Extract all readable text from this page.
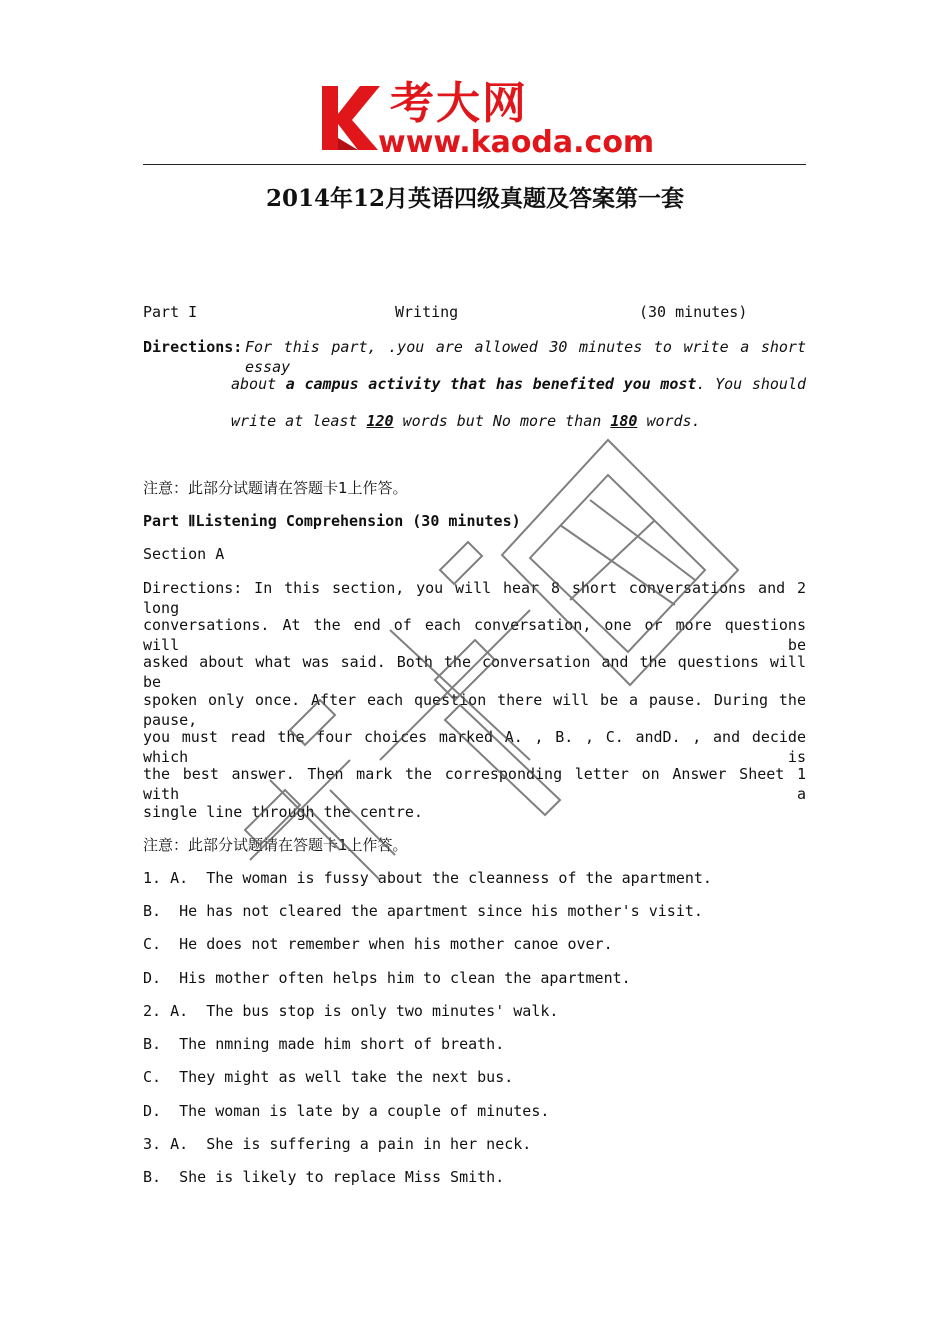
考大网
www.kaoda.com
2014年12月英语四级真题及答案第一套
Part I	Writing	(30 minutes)
Directions: For this part, .you are allowed 30 minutes to write a short essay
about a campus activity that has benefited you most. You should
write at least 120 words but No more than 180 words.
注意：此部分试题请在答题卡1上作答。
Part ⅡListening Comprehension (30 minutes)
Section A
Directions: In this section, you will hear 8 short conversations and 2 long
conversations. At the end of each conversation, one or more questions will be
asked about what was said. Both the conversation and the questions will be
spoken only once. After each question there will be a pause. During the pause,
you must read the four choices marked A. , B. , C. andD. , and decide which is
the best answer. Then mark the corresponding letter on Answer Sheet 1 with a
single line through the centre.
注意：此部分试题请在答题卡1上作答。
1. A.  The woman is fussy about the cleanness of the apartment.
B.  He has not cleared the apartment since his mother's visit.
C.  He does not remember when his mother canoe over.
D.  His mother often helps him to clean the apartment.
2. A.  The bus stop is only two minutes' walk.
B.  The nmning made him short of breath.
C.  They might as well take the next bus.
D.  The woman is late by a couple of minutes.
3. A.  She is suffering a pain in her neck.
B.  She is likely to replace Miss Smith.
